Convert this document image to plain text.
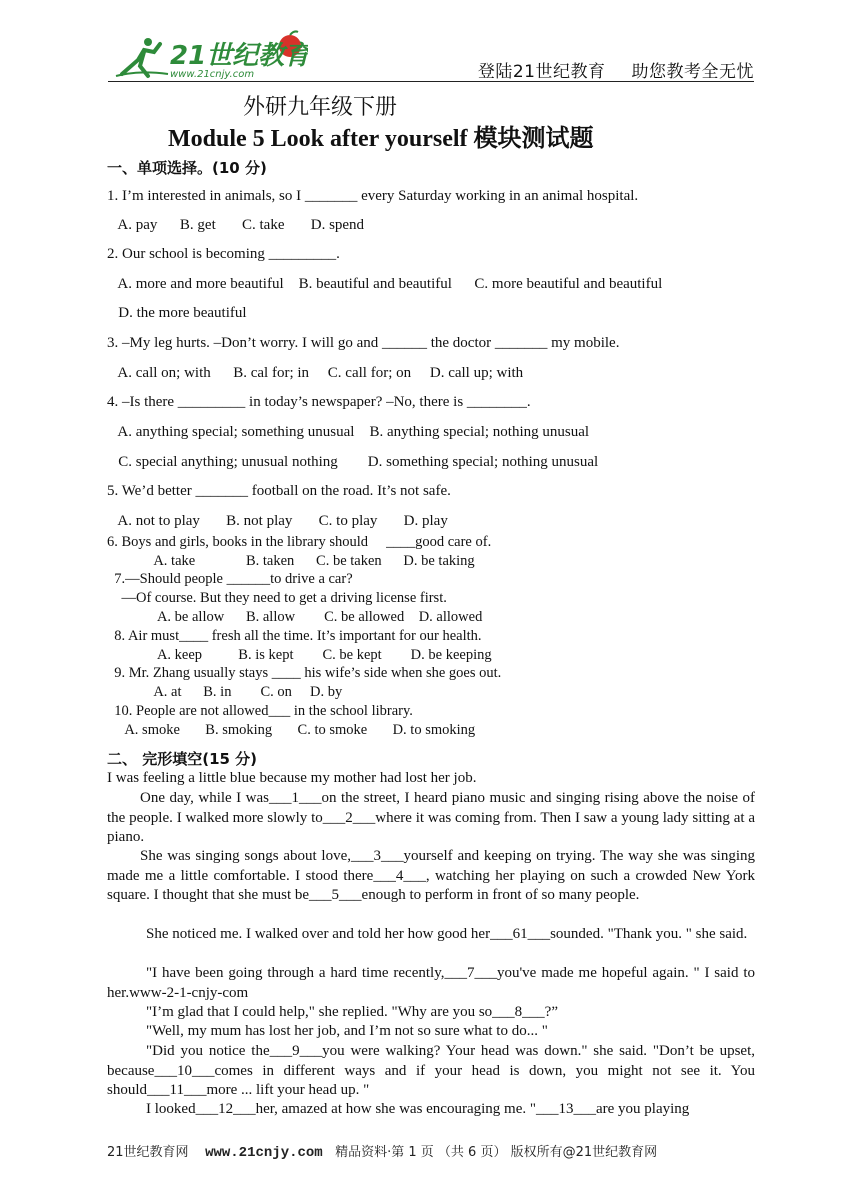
21世纪教育
www.21cnjy.com	登陆21世纪教育 助您教考全无忧
外研九年级下册
Module 5 Look after yourself 模块测试题
一、单项选择。(10 分)
1. I’m interested in animals, so I _______ every Saturday working in an animal hospital.
A. pay      B. get       C. take       D. spend
2. Our school is becoming _________.
A. more and more beautiful    B. beautiful and beautiful      C. more beautiful and beautiful
D. the more beautiful
3. –My leg hurts. –Don’t worry. I will go and ______ the doctor _______ my mobile.
A. call on; with      B. cal for; in     C. call for; on     D. call up; with
4. –Is there _________ in today’s newspaper? –No, there is ________.
A. anything special; something unusual    B. anything special; nothing unusual
C. special anything; unusual nothing        D. something special; nothing unusual
5. We’d better _______ football on the road. It’s not safe.
A. not to play       B. not play       C. to play       D. play
6. Boys and girls, books in the library should     ____good care of.
A. take              B. taken      C. be taken      D. be taking
7.—Should people ______to drive a car?
—Of course. But they need to get a driving license first.
A. be allow      B. allow        C. be allowed    D. allowed
8. Air must____ fresh all the time. It’s important for our health.
A. keep          B. is kept        C. be kept        D. be keeping
9. Mr. Zhang usually stays ____ his wife’s side when she goes out.
A. at      B. in        C. on     D. by
10. People are not allowed___ in the school library.
A. smoke       B. smoking       C. to smoke       D. to smoking
二、 完形填空(15 分)
I was feeling a little blue because my mother had lost her job.
One day, while I was___1___on the street, I heard piano music and singing rising above the noise of the people. I walked more slowly to___2___where it was coming from. Then I saw a young lady sitting at a piano.
She was singing songs about love,___3___yourself and keeping on trying. The way she was singing made me a little comfortable. I stood there___4___, watching her playing on such a crowded New York square. I thought that she must be___5___enough to perform in front of so many people.
She noticed me. I walked over and told her how good her___61___sounded. "Thank you. " she said.
"I have been going through a hard time recently,___7___you've made me hopeful again. " I said to her.www-2-1-cnjy-com
"I’m glad that I could help," she replied. "Why are you so___8___?”
"Well, my mum has lost her job, and I’m not so sure what to do... "
"Did you notice the___9___you were walking? Your head was down." she said. "Don’t be upset, because___10___comes in different ways and if your head is down, you might not see it. You should___11___more ... lift your head up. "
I looked___12___her, amazed at how she was encouraging me. "___13___are you playing
21世纪教育网 www.21cnjy.com 精品资料·第 1 页 （共 6 页） 版权所有@21世纪教育网
